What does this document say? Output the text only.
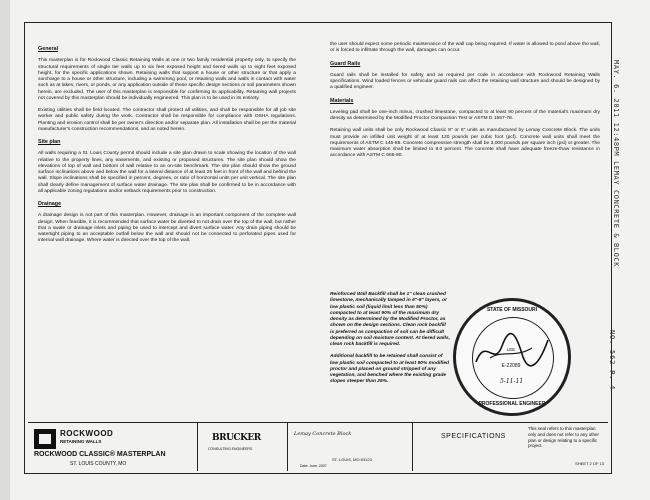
MAY. 6. 2011 12:48PM LEMAY CONCRETE & BLOCK
NO. 562 P. 4
General

This masterplan is for Rockwood Classic Retaining Walls at one or two family residential property only, to specify the structural requirements of single tier walls up to six feet exposed height and tiered walls up to eight feet exposed height, for the specific applications shown. Retaining walls that support a house or other structure or that apply a surcharge to a house or other structure, including a swimming pool, or retaining walls and walls in contact with water such as at lakes, rivers, or ponds, or any application outside of these specific design sections or soil parameters shown herein, are excluded. The user of this masterplan is responsible for confirming its applicability. Retaining wall projects not covered by this masterplan should be individually engineered. This plan is to be used in its entirety.

Existing utilities shall be field located. The contractor shall protect all utilities, and shall be responsible for all job site worker and public safety during the work. Contractor shall be responsible for compliance with OSHA regulations. Planting and erosion control shall be per owner's direction and/or separate plan. All installation shall be per the material manufacturer's construction recommendations, and as noted herein.

Site plan

All walls requiring a St. Louis County permit should include a site plan drawn to scale showing the location of the wall relative to the property lines, any easements, and existing or proposed structures. The site plan should show the elevations of top of wall and bottom of wall relative to an on-site benchmark. The site plan should show the ground surface inclinations above and below the wall for a lateral distance of at least 25 feet in front of the wall and behind the wall. Slope inclinations shall be specified in percent, degrees, or ratio of horizontal units per unit vertical. The site plan shall clearly define management of surface water drainage. The site plan shall be confirmed to be in accordance with all applicable zoning regulations and/or setback requirements prior to construction.

Drainage

A drainage design is not part of this masterplan. However, drainage is an important component of the complete wall design. When feasible, it is recommended that surface water be diverted to not drain over the top of the wall, but rather that a swale or drainage inlets and piping be used to intercept and divert surface water. Any drain piping should be watertight piping to an acceptable outfall below the wall and should not be connected to perforated pipes used for internal wall drainage. Where water is directed over the top of the wall,

the user should expect some periodic maintenance of the wall cap being required. If water is allowed to pond above the wall, or is forced to infiltrate through the wall, damages can occur.

Guard Rails

Guard rails shall be installed for safety and as required per code in accordance with Rockwood Retaining Walls specifications. Wind loaded fences or vehicular guard rails can affect the retaining wall structure and should be designed by a qualified engineer.

Materials

Leveling pad shall be one-inch minus, crushed limestone, compacted to at least 90 percent of the material's maximum dry density as determined by the Modified Proctor Compaction Test or ASTM D 1557-78.

Retaining wall units shall be only Rockwood Classic 8" or 6" units as manufactured by Lemay Concrete Block. The units must provide an infilled unit weight of at least 120 pounds per cubic foot (pcf). Concrete wall units shall meet the requirements of ASTM C 145-85. Concrete compressive strength shall be 3,000 pounds per square inch (psi) or greater. The maximum water absorption shall be limited to 8.0 percent. The concrete shall have adequate freeze-thaw resistance in accordance with ASTM C 666-90.

Reinforced Wall Backfill shall be 1" clean crushed limestone, mechanically tamped in 6"-8" layers, or low plastic soil (liquid limit less than 50%) compacted to at least 90% of the maximum dry density as determined by the Modified Proctor, as shown on the design sections. Clean rock backfill is preferred as compaction of soil can be difficult depending on soil moisture content. At tiered walls, clean rock backfill is required.

Additional backfill to be retained shall consist of low plastic soil compacted to at least 90% modified proctor and placed on ground stripped of any vegetation, and benched where the existing grade slopes steeper than 25%.

STATE OF MISSOURI
LEE
E-22089
PROFESSIONAL ENGINEER
5-11-11
This seal refers to this masterplan only and does not refer to any other plan or design relating to a specific project.
ROCKWOOD
RETAINING WALLS
ROCKWOOD CLASSIC® MASTERPLAN
ST. LOUIS COUNTY, MO
BRUCKER
CONSULTING ENGINEERS
Lemay Concrete Block
ST. LOUIS, MO 63123
Date: June, 2007
SPECIFICATIONS
SHEET 2 OF 13
